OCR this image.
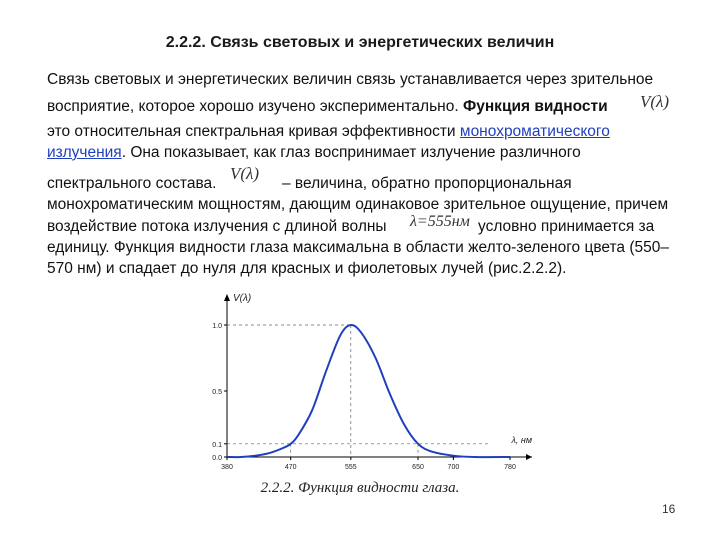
2.2.2. Связь световых и энергетических величин
Связь световых и энергетических величин связь устанавливается через зрительное
восприятие, которое хорошо изучено экспериментально. Функция видности	V(λ)
это относительная спектральная кривая эффективности монохроматического
излучения. Она показывает, как глаз воспринимает излучение различного
спектрального состава.
V(λ)
– величина, обратно пропорциональная
монохроматическим мощностям, дающим одинаковое зрительное ощущение, причем
воздействие потока излучения с длиной волны	λ=555нм условно принимается за
единицу. Функция видности глаза максимальна в области желто-зеленого цвета (550–
570 нм) и спадает до нуля для красных и фиолетовых лучей (рис.2.2.2).
0.0
0.1
0.5
1.0
380	470	555	650	700	780
V(λ)
λ, нм
2.2.2. Функция видности глаза.
16
